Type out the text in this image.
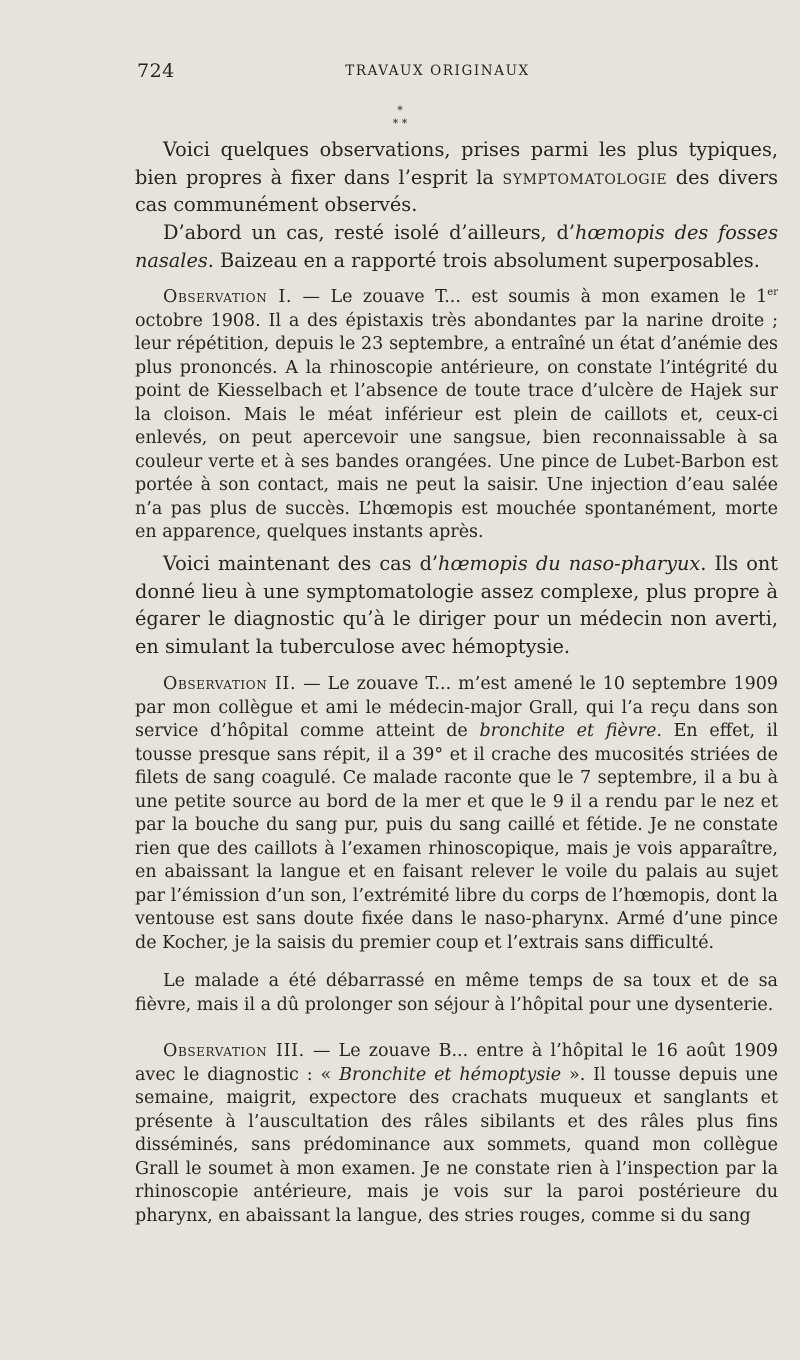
724	TRAVAUX ORIGINAUX
*
* *

Voici quelques observations, prises parmi les plus typiques, bien propres à fixer dans l’esprit la symptomatologie des divers cas communément observés.

D’abord un cas, resté isolé d’ailleurs, d’hœmopis des fosses nasales. Baizeau en a rapporté trois absolument superposables.

Observation I. — Le zouave T... est soumis à mon examen le 1er octobre 1908. Il a des épistaxis très abondantes par la narine droite ; leur répétition, depuis le 23 septembre, a entraîné un état d’anémie des plus prononcés. A la rhinoscopie antérieure, on constate l’intégrité du point de Kiesselbach et l’absence de toute trace d’ulcère de Hajek sur la cloison. Mais le méat inférieur est plein de caillots et, ceux-ci enlevés, on peut apercevoir une sangsue, bien reconnaissable à sa couleur verte et à ses bandes orangées. Une pince de Lubet-Barbon est portée à son contact, mais ne peut la saisir. Une injection d’eau salée n’a pas plus de succès. L’hœmopis est mouchée spontanément, morte en apparence, quelques instants après.

Voici maintenant des cas d’hœmopis du naso-pharyux. Ils ont donné lieu à une symptomatologie assez complexe, plus propre à égarer le diagnostic qu’à le diriger pour un médecin non averti, en simulant la tuberculose avec hémoptysie.

Observation II. — Le zouave T... m’est amené le 10 septembre 1909 par mon collègue et ami le médecin-major Grall, qui l’a reçu dans son service d’hôpital comme atteint de bronchite et fièvre. En effet, il tousse presque sans répit, il a 39° et il crache des mucosités striées de filets de sang coagulé. Ce malade raconte que le 7 septembre, il a bu à une petite source au bord de la mer et que le 9 il a rendu par le nez et par la bouche du sang pur, puis du sang caillé et fétide. Je ne constate rien que des caillots à l’examen rhinoscopique, mais je vois apparaître, en abaissant la langue et en faisant relever le voile du palais au sujet par l’émission d’un son, l’extrémité libre du corps de l’hœmopis, dont la ventouse est sans doute fixée dans le naso-pharynx. Armé d’une pince de Kocher, je la saisis du premier coup et l’extrais sans difficulté.

Le malade a été débarrassé en même temps de sa toux et de sa fièvre, mais il a dû prolonger son séjour à l’hôpital pour une dysenterie.

Observation III. — Le zouave B... entre à l’hôpital le 16 août 1909 avec le diagnostic : « Bronchite et hémoptysie ». Il tousse depuis une semaine, maigrit, expectore des crachats muqueux et sanglants et présente à l’auscultation des râles sibilants et des râles plus fins disséminés, sans prédominance aux sommets, quand mon collègue Grall le soumet à mon examen. Je ne constate rien à l’inspection par la rhinoscopie antérieure, mais je vois sur la paroi postérieure du pharynx, en abaissant la langue, des stries rouges, comme si du sang
